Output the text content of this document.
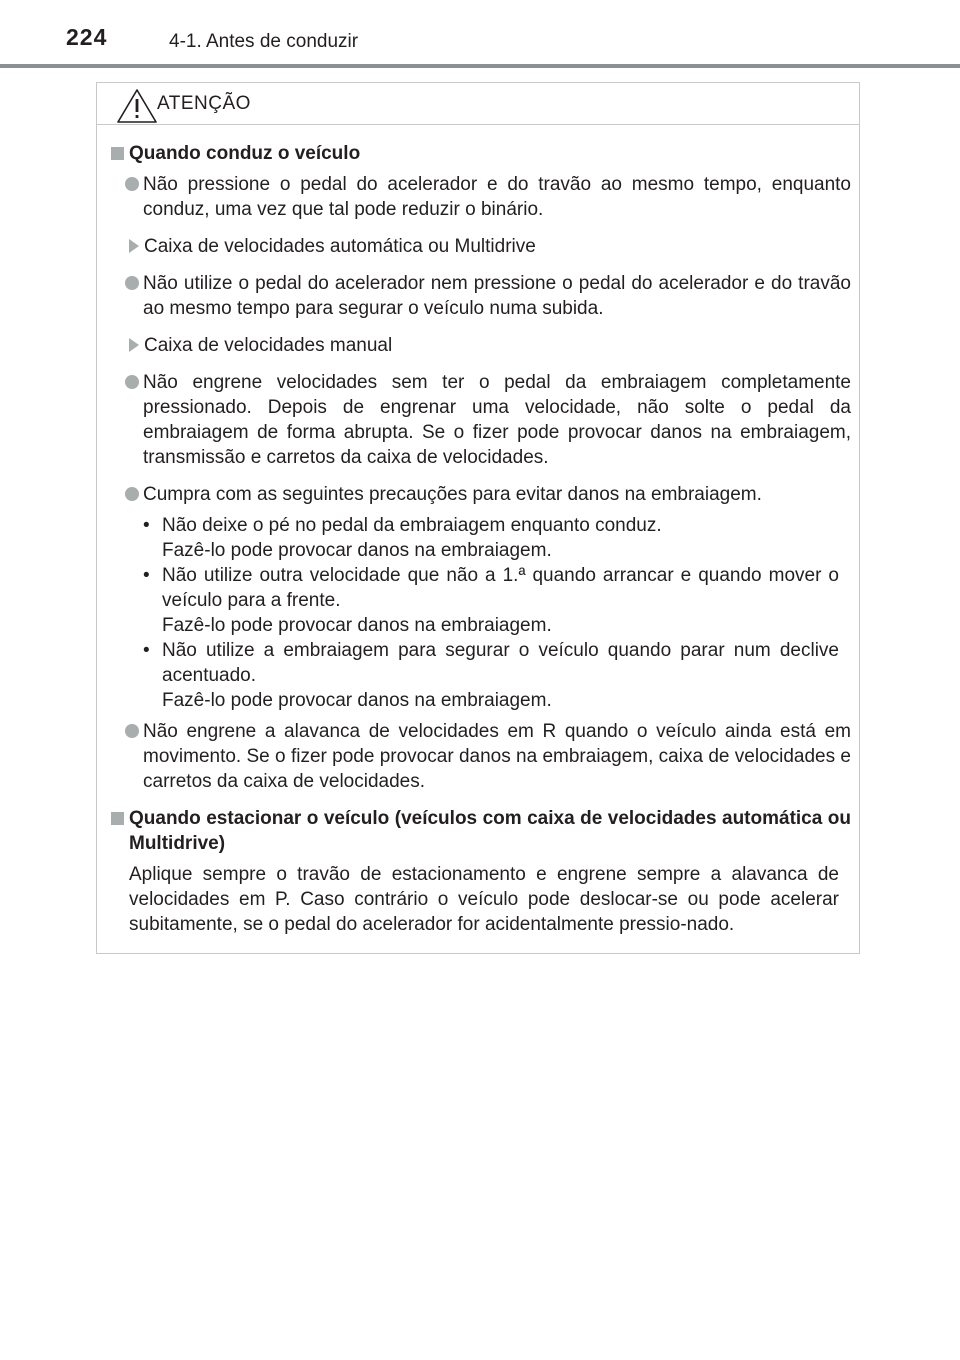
224	4-1. Antes de conduzir
ATENÇÃO
Quando conduz o veículo
Não pressione o pedal do acelerador e do travão ao mesmo tempo, enquanto conduz, uma vez que tal pode reduzir o binário.
Caixa de velocidades automática ou Multidrive
Não utilize o pedal do acelerador nem pressione o pedal do acelerador e do travão ao mesmo tempo para segurar o veículo numa subida.
Caixa de velocidades manual
Não engrene velocidades sem ter o pedal da embraiagem completamente pressionado. Depois de engrenar uma velocidade, não solte o pedal da embraiagem de forma abrupta. Se o fizer pode provocar danos na embraiagem, transmissão e carretos da caixa de velocidades.
Cumpra com as seguintes precauções para evitar danos na embraiagem.
• Não deixe o pé no pedal da embraiagem enquanto conduz.
Fazê-lo pode provocar danos na embraiagem.
• Não utilize outra velocidade que não a 1.ª quando arrancar e quando mover o veículo para a frente.
Fazê-lo pode provocar danos na embraiagem.
• Não utilize a embraiagem para segurar o veículo quando parar num declive acentuado.
Fazê-lo pode provocar danos na embraiagem.
Não engrene a alavanca de velocidades em R quando o veículo ainda está em movimento. Se o fizer pode provocar danos na embraiagem, caixa de velocidades e carretos da caixa de velocidades.
Quando estacionar o veículo (veículos com caixa de velocidades automática ou Multidrive)
Aplique sempre o travão de estacionamento e engrene sempre a alavanca de velocidades em P. Caso contrário o veículo pode deslocar-se ou pode acelerar subitamente, se o pedal do acelerador for acidentalmente pressio-nado.
